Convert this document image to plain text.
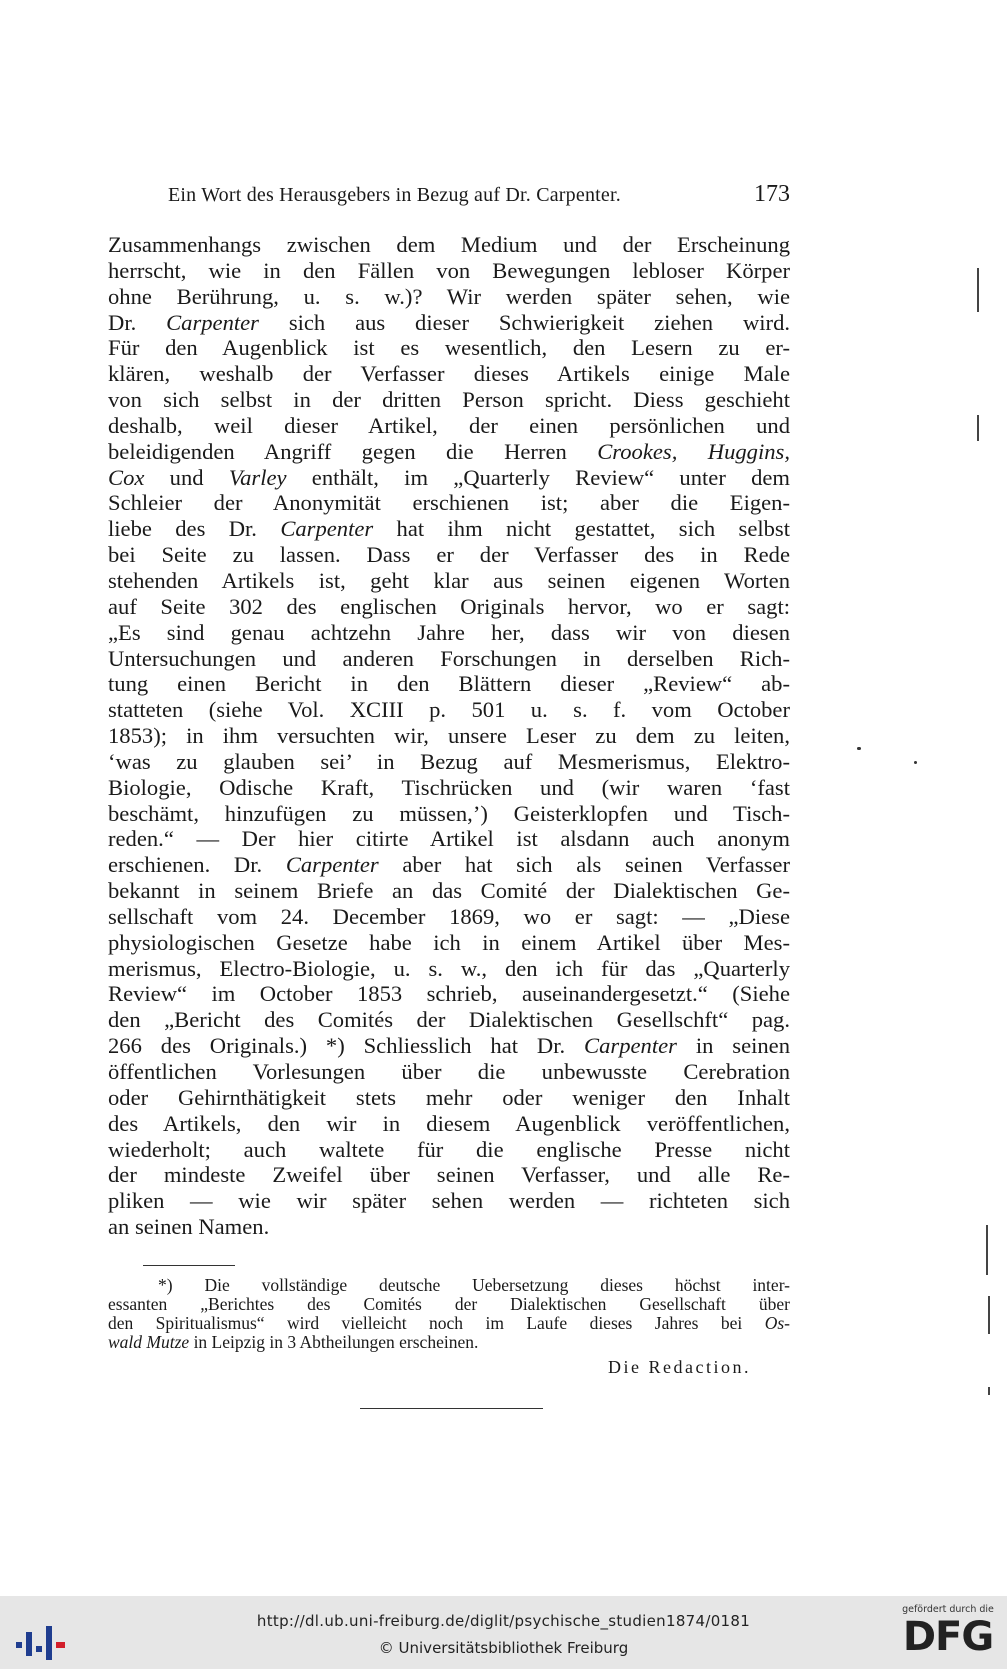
Ein Wort des Herausgebers in Bezug auf Dr. Carpenter.	173
Zusammenhangs zwischen dem Medium und der Erscheinung
herrscht, wie in den Fällen von Bewegungen lebloser Körper
ohne Berührung, u. s. w.)? Wir werden später sehen, wie
Dr. Carpenter sich aus dieser Schwierigkeit ziehen wird.
Für den Augenblick ist es wesentlich, den Lesern zu er-
klären, weshalb der Verfasser dieses Artikels einige Male
von sich selbst in der dritten Person spricht. Diess geschieht
deshalb, weil dieser Artikel, der einen persönlichen und
beleidigenden Angriff gegen die Herren Crookes, Huggins,
Cox und Varley enthält, im „Quarterly Review“ unter dem
Schleier der Anonymität erschienen ist; aber die Eigen-
liebe des Dr. Carpenter hat ihm nicht gestattet, sich selbst
bei Seite zu lassen. Dass er der Verfasser des in Rede
stehenden Artikels ist, geht klar aus seinen eigenen Worten
auf Seite 302 des englischen Originals hervor, wo er sagt:
„Es sind genau achtzehn Jahre her, dass wir von diesen
Untersuchungen und anderen Forschungen in derselben Rich-
tung einen Bericht in den Blättern dieser „Review“ ab-
statteten (siehe Vol. XCIII p. 501 u. s. f. vom October
1853); in ihm versuchten wir, unsere Leser zu dem zu leiten,
‘was zu glauben sei’ in Bezug auf Mesmerismus, Elektro-
Biologie, Odische Kraft, Tischrücken und (wir waren ‘fast
beschämt, hinzufügen zu müssen,’) Geisterklopfen und Tisch-
reden.“ — Der hier citirte Artikel ist alsdann auch anonym
erschienen. Dr. Carpenter aber hat sich als seinen Verfasser
bekannt in seinem Briefe an das Comité der Dialektischen Ge-
sellschaft vom 24. December 1869, wo er sagt: — „Diese
physiologischen Gesetze habe ich in einem Artikel über Mes-
merismus, Electro-Biologie, u. s. w., den ich für das „Quarterly
Review“ im October 1853 schrieb, auseinandergesetzt.“ (Siehe
den „Bericht des Comités der Dialektischen Gesellschft“ pag.
266 des Originals.) *) Schliesslich hat Dr. Carpenter in seinen
öffentlichen Vorlesungen über die unbewusste Cerebration
oder Gehirnthätigkeit stets mehr oder weniger den Inhalt
des Artikels, den wir in diesem Augenblick veröffentlichen,
wiederholt; auch waltete für die englische Presse nicht
der mindeste Zweifel über seinen Verfasser, und alle Re-
pliken — wie wir später sehen werden — richteten sich
an seinen Namen.
*) Die vollständige deutsche Uebersetzung dieses höchst inter-
essanten „Berichtes des Comités der Dialektischen Gesellschaft über
den Spiritualismus“ wird vielleicht noch im Laufe dieses Jahres bei Os-
wald Mutze in Leipzig in 3 Abtheilungen erscheinen.
Die Redaction.
http://dl.ub.uni-freiburg.de/diglit/psychische_studien1874/0181
© Universitätsbibliothek Freiburg
gefördert durch die
DFG
